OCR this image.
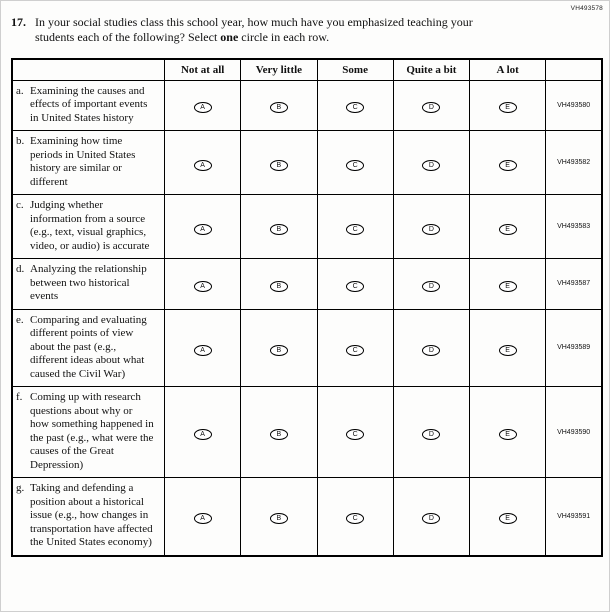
VH493578
17. In your social studies class this school year, how much have you emphasized teaching your students each of the following? Select one circle in each row.
	Not at all	Very little	Some	Quite a bit	A lot	

a. Examining the causes and effects of important events in United States history	A	B	C	D	E	VH493580

b. Examining how time periods in United States history are similar or different	A	B	C	D	E	VH493582

c. Judging whether information from a source (e.g., text, visual graphics, video, or audio) is accurate	A	B	C	D	E	VH493583

d. Analyzing the relationship between two historical events	A	B	C	D	E	VH493587

e. Comparing and evaluating different points of view about the past (e.g., different ideas about what caused the Civil War)	A	B	C	D	E	VH493589

f. Coming up with research questions about why or how something happened in the past (e.g., what were the causes of the Great Depression)	A	B	C	D	E	VH493590

g. Taking and defending a position about a historical issue (e.g., how changes in transportation have affected the United States economy)	A	B	C	D	E	VH493591
